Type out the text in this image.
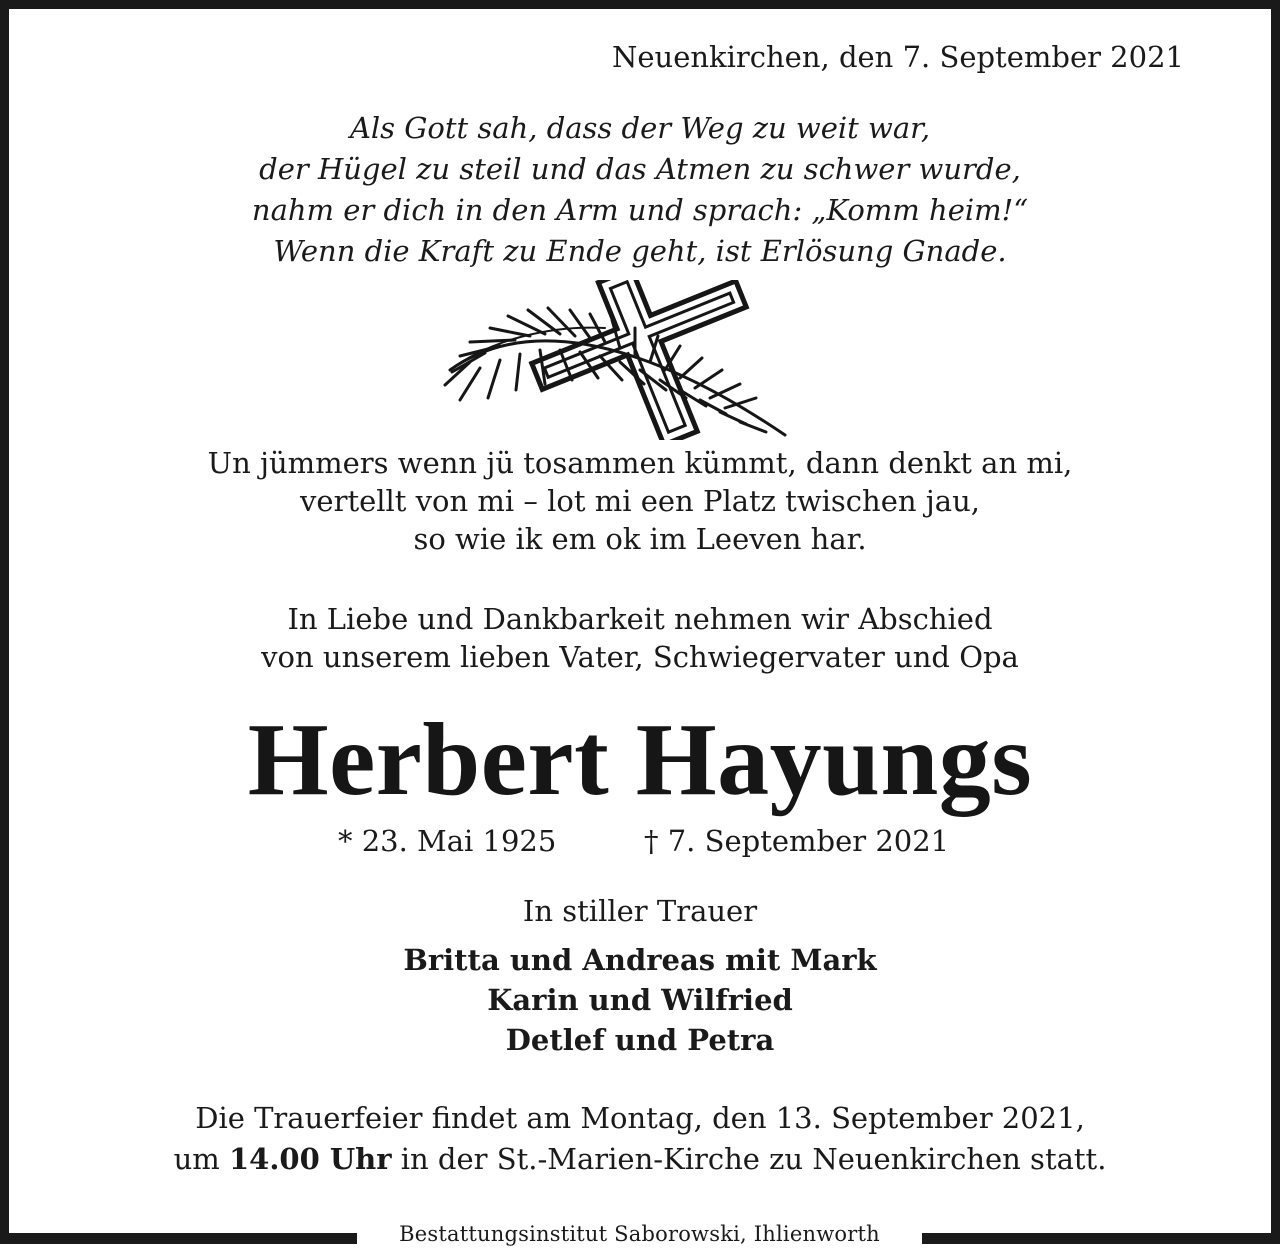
Neuenkirchen, den 7. September 2021
Als Gott sah, dass der Weg zu weit war,
der Hügel zu steil und das Atmen zu schwer wurde,
nahm er dich in den Arm und sprach: „Komm heim!“
Wenn die Kraft zu Ende geht, ist Erlösung Gnade.
Un jümmers wenn jü tosammen kümmt, dann denkt an mi,
vertellt von mi – lot mi een Platz twischen jau,
so wie ik em ok im Leeven har.
In Liebe und Dankbarkeit nehmen wir Abschied
von unserem lieben Vater, Schwiegervater und Opa
Herbert Hayungs
* 23. Mai 1925	† 7. September 2021
In stiller Trauer
Britta und Andreas mit Mark
Karin und Wilfried
Detlef und Petra
Die Trauerfeier findet am Montag, den 13. September 2021,
um 14.00 Uhr in der St.-Marien-Kirche zu Neuenkirchen statt.
Bestattungsinstitut Saborowski, Ihlienworth
